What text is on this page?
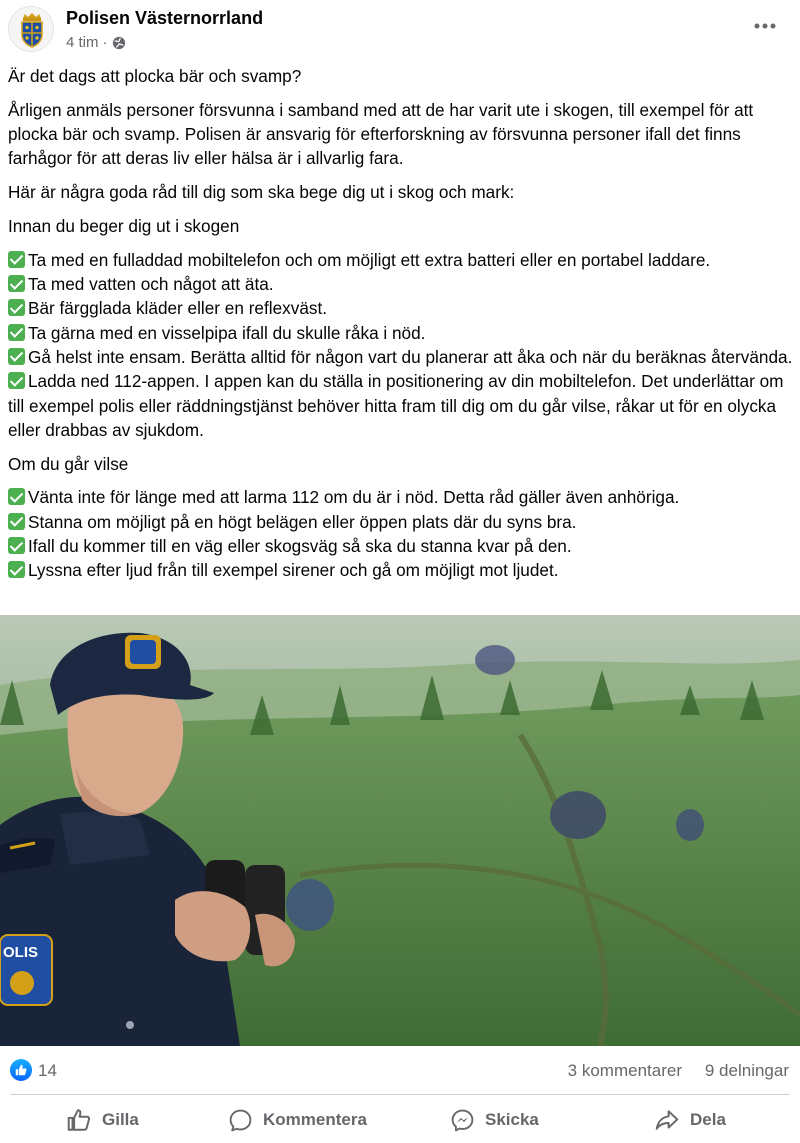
Polisen Västernorrland
4 tim ·

Är det dags att plocka bär och svamp?

Årligen anmäls personer försvunna i samband med att de har varit ute i skogen, till exempel för att plocka bär och svamp. Polisen är ansvarig för efterforskning av försvunna personer ifall det finns farhågor för att deras liv eller hälsa är i allvarlig fara.

Här är några goda råd till dig som ska bege dig ut i skog och mark:

Innan du beger dig ut i skogen

Ta med en fulladdad mobiltelefon och om möjligt ett extra batteri eller en portabel laddare.
Ta med vatten och något att äta.
Bär färgglada kläder eller en reflexväst.
Ta gärna med en visselpipa ifall du skulle råka i nöd.
Gå helst inte ensam. Berätta alltid för någon vart du planerar att åka och när du beräknas återvända.
Ladda ned 112-appen. I appen kan du ställa in positionering av din mobiltelefon. Det underlättar om till exempel polis eller räddningstjänst behöver hitta fram till dig om du går vilse, råkar ut för en olycka eller drabbas av sjukdom.

Om du går vilse

Vänta inte för länge med att larma 112 om du är i nöd. Detta råd gäller även anhöriga.
Stanna om möjligt på en högt belägen eller öppen plats där du syns bra.
Ifall du kommer till en väg eller skogsväg så ska du stanna kvar på den.
Lyssna efter ljud från till exempel sirener och gå om möjligt mot ljudet.
OLIS
14	3 kommentarer 9 delningar
Gilla	Kommentera	Skicka	Dela
